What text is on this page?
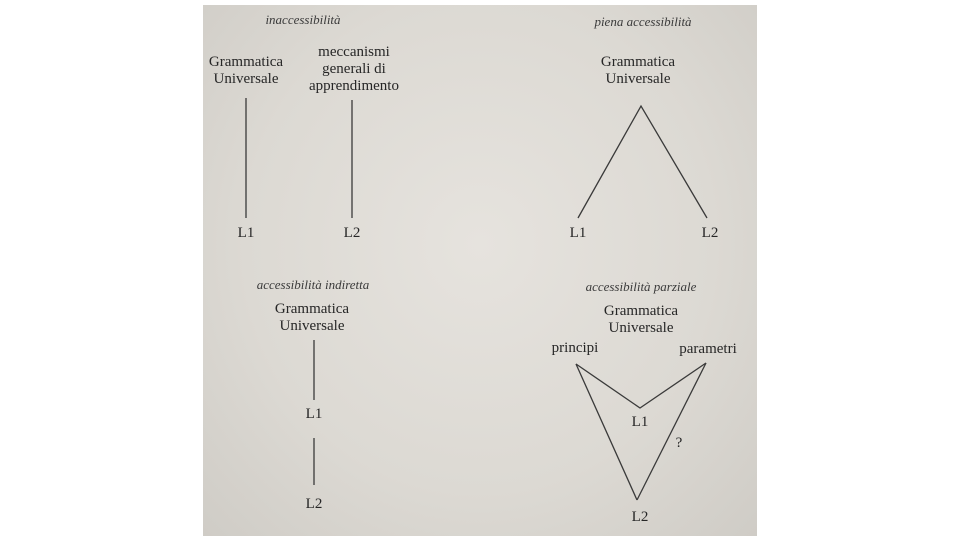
inaccessibilità
Grammatica
Universale
meccanismi
generali di
apprendimento
L1	L2
piena accessibilità
Grammatica
Universale
L1	L2
accessibilità indiretta
Grammatica
Universale
L1
L2
accessibilità parziale
Grammatica
Universale
principi	parametri
L1
?
L2
